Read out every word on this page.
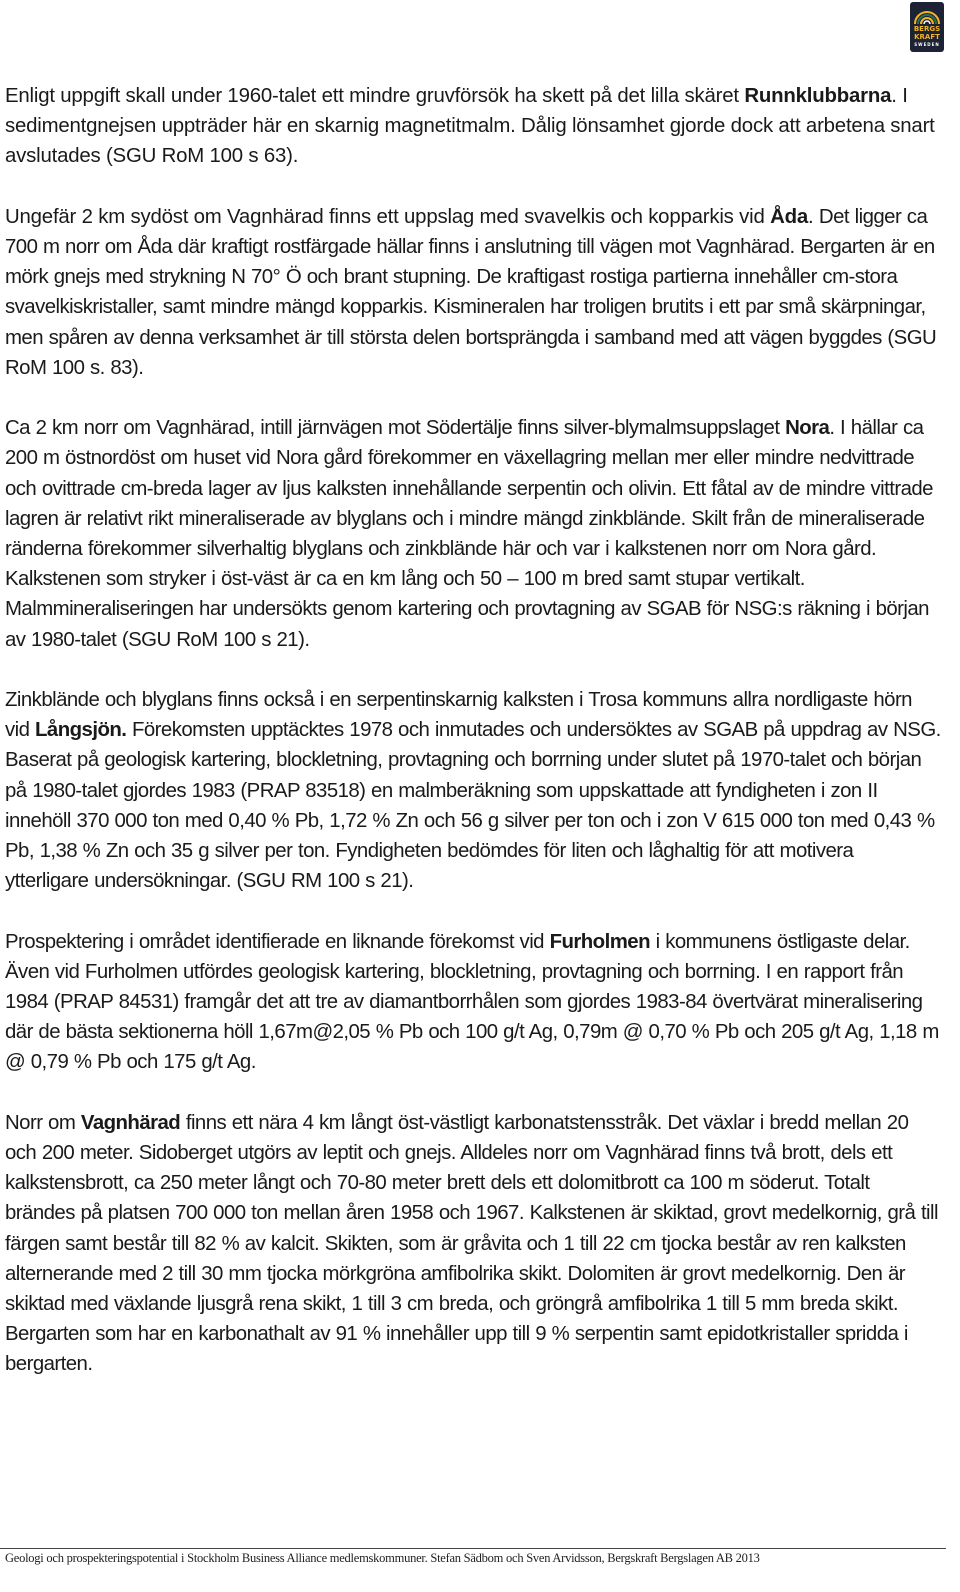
BERGS
KRAFT
SWEDEN

Enligt uppgift skall under 1960-talet ett mindre gruvförsök ha skett på det lilla skäret Runnklubbarna. I sedimentgnejsen uppträder här en skarnig magnetitmalm. Dålig lönsamhet gjorde dock att arbetena snart avslutades (SGU RoM 100 s 63).

Ungefär 2 km sydöst om Vagnhärad finns ett uppslag med svavelkis och kopparkis vid Åda. Det ligger ca 700 m norr om Åda där kraftigt rostfärgade hällar finns i anslutning till vägen mot Vagnhärad. Bergarten är en mörk gnejs med strykning N 70° Ö och brant stupning. De kraftigast rostiga partierna innehåller cm-stora svavelkiskristaller, samt mindre mängd kopparkis. Kismineralen har troligen brutits i ett par små skärpningar, men spåren av denna verksamhet är till största delen bortsprängda i samband med att vägen byggdes (SGU RoM 100 s. 83).

Ca 2 km norr om Vagnhärad, intill järnvägen mot Södertälje finns silver-blymalmsuppslaget Nora. I hällar ca 200 m östnordöst om huset vid Nora gård förekommer en växellagring mellan mer eller mindre nedvittrade och ovittrade cm-breda lager av ljus kalksten innehållande serpentin och olivin. Ett fåtal av de mindre vittrade lagren är relativt rikt mineraliserade av blyglans och i mindre mängd zinkblände. Skilt från de mineraliserade ränderna förekommer silverhaltig blyglans och zinkblände här och var i kalkstenen norr om Nora gård. Kalkstenen som stryker i öst-väst är ca en km lång och 50 – 100 m bred samt stupar vertikalt. Malmmineraliseringen har undersökts genom kartering och provtagning av SGAB för NSG:s räkning i början av 1980-talet (SGU RoM 100 s 21).

Zinkblände och blyglans finns också i en serpentinskarnig kalksten i Trosa kommuns allra nordligaste hörn vid Långsjön. Förekomsten upptäcktes 1978 och inmutades och undersöktes av SGAB på uppdrag av NSG. Baserat på geologisk kartering, blockletning, provtagning och borrning under slutet på 1970-talet och början på 1980-talet gjordes 1983 (PRAP 83518) en malmberäkning som uppskattade att fyndigheten i zon II innehöll 370 000 ton med 0,40 % Pb, 1,72 % Zn och 56 g silver per ton och i zon V 615 000 ton med 0,43 % Pb, 1,38 % Zn och 35 g silver per ton. Fyndigheten bedömdes för liten och låghaltig för att motivera ytterligare undersökningar. (SGU RM 100 s 21).

Prospektering i området identifierade en liknande förekomst vid Furholmen i kommunens östligaste delar. Även vid Furholmen utfördes geologisk kartering, blockletning, provtagning och borrning. I en rapport från 1984 (PRAP 84531) framgår det att tre av diamantborrhålen som gjordes 1983-84 övertvärat mineralisering där de bästa sektionerna höll 1,67m@2,05 % Pb och 100 g/t Ag, 0,79m @ 0,70 % Pb och 205 g/t Ag, 1,18 m @ 0,79 % Pb och 175 g/t Ag.

Norr om Vagnhärad finns ett nära 4 km långt öst-västligt karbonatstensstråk. Det växlar i bredd mellan 20 och 200 meter. Sidoberget utgörs av leptit och gnejs. Alldeles norr om Vagnhärad finns två brott, dels ett kalkstensbrott, ca 250 meter långt och 70-80 meter brett dels ett dolomitbrott ca 100 m söderut. Totalt brändes på platsen 700 000 ton mellan åren 1958 och 1967. Kalkstenen är skiktad, grovt medelkornig, grå till färgen samt består till 82 % av kalcit. Skikten, som är gråvita och 1 till 22 cm tjocka består av ren kalksten alternerande med 2 till 30 mm tjocka mörkgröna amfibolrika skikt. Dolomiten är grovt medelkornig. Den är skiktad med växlande ljusgrå rena skikt, 1 till 3 cm breda, och gröngrå amfibolrika 1 till 5 mm breda skikt. Bergarten som har en karbonathalt av 91 % innehåller upp till 9 % serpentin samt epidotkristaller spridda i bergarten.

Geologi och prospekteringspotential i Stockholm Business Alliance medlemskommuner. Stefan Sädbom och Sven Arvidsson, Bergskraft Bergslagen AB 2013
